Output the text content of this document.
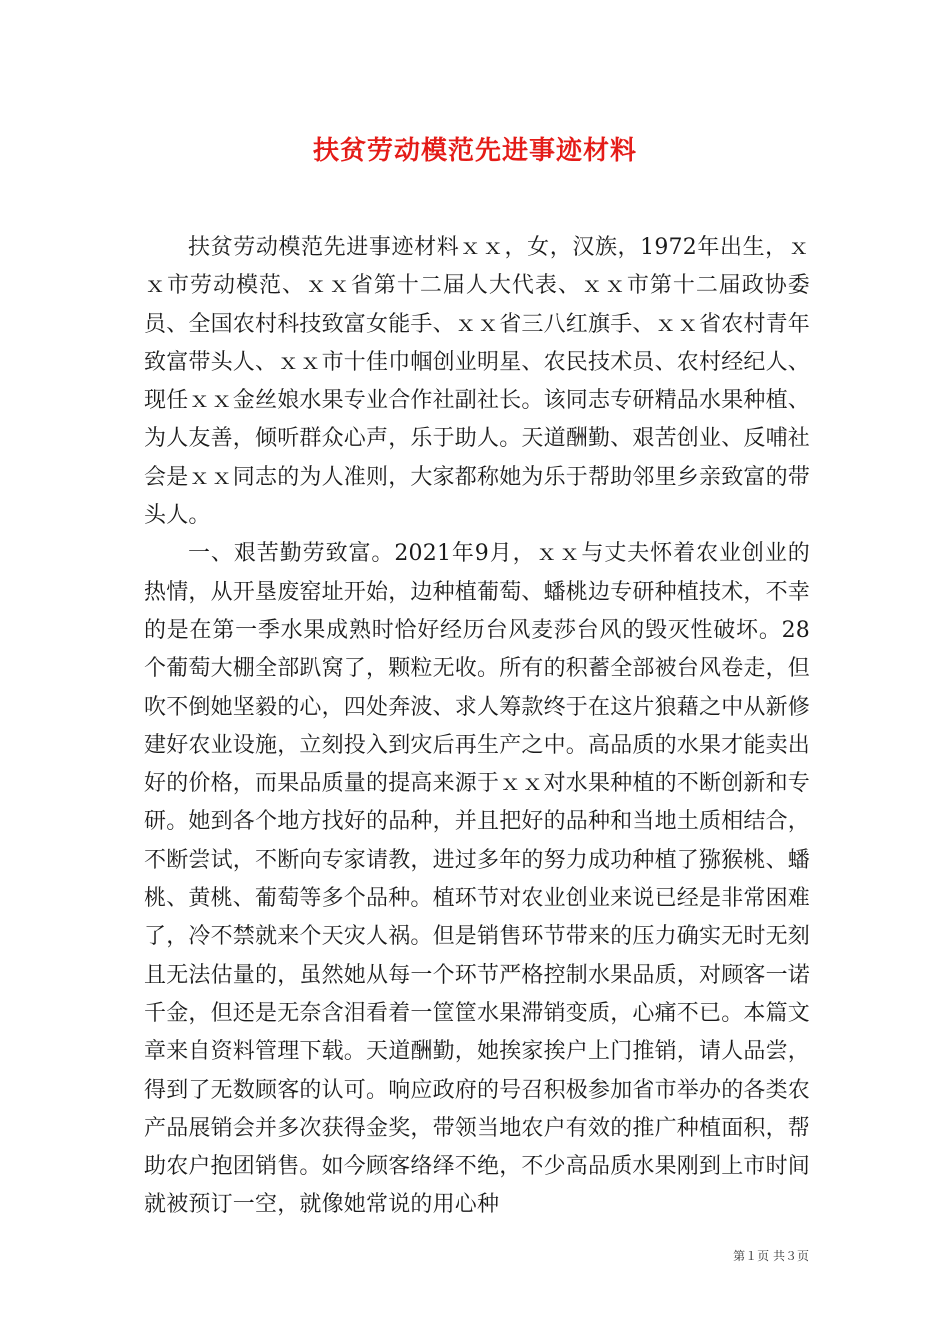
扶贫劳动模范先进事迹材料

扶贫劳动模范先进事迹材料ｘｘ，女，汉族，1972年出生，ｘｘ市劳动模范、ｘｘ省第十二届人大代表、ｘｘ市第十二届政协委员、全国农村科技致富女能手、ｘｘ省三八红旗手、ｘｘ省农村青年致富带头人、ｘｘ市十佳巾帼创业明星、农民技术员、农村经纪人、现任ｘｘ金丝娘水果专业合作社副社长。该同志专研精品水果种植、为人友善，倾听群众心声，乐于助人。天道酬勤、艰苦创业、反哺社会是ｘｘ同志的为人准则，大家都称她为乐于帮助邻里乡亲致富的带头人。

一、艰苦勤劳致富。2021年9月，ｘｘ与丈夫怀着农业创业的热情，从开垦废窑址开始，边种植葡萄、蟠桃边专研种植技术，不幸的是在第一季水果成熟时恰好经历台风麦莎台风的毁灭性破坏。28个葡萄大棚全部趴窝了，颗粒无收。所有的积蓄全部被台风卷走，但吹不倒她坚毅的心，四处奔波、求人筹款终于在这片狼藉之中从新修建好农业设施，立刻投入到灾后再生产之中。高品质的水果才能卖出好的价格，而果品质量的提高来源于ｘｘ对水果种植的不断创新和专研。她到各个地方找好的品种，并且把好的品种和当地土质相结合，不断尝试，不断向专家请教，进过多年的努力成功种植了猕猴桃、蟠桃、黄桃、葡萄等多个品种。植环节对农业创业来说已经是非常困难了，冷不禁就来个天灾人祸。但是销售环节带来的压力确实无时无刻且无法估量的，虽然她从每一个环节严格控制水果品质，对顾客一诺千金，但还是无奈含泪看着一筐筐水果滞销变质，心痛不已。本篇文章来自资料管理下载。天道酬勤，她挨家挨户上门推销，请人品尝，得到了无数顾客的认可。响应政府的号召积极参加省市举办的各类农产品展销会并多次获得金奖，带领当地农户有效的推广种植面积，帮助农户抱团销售。如今顾客络绎不绝，不少高品质水果刚到上市时间就被预订一空，就像她常说的用心种

第１页 共３页
